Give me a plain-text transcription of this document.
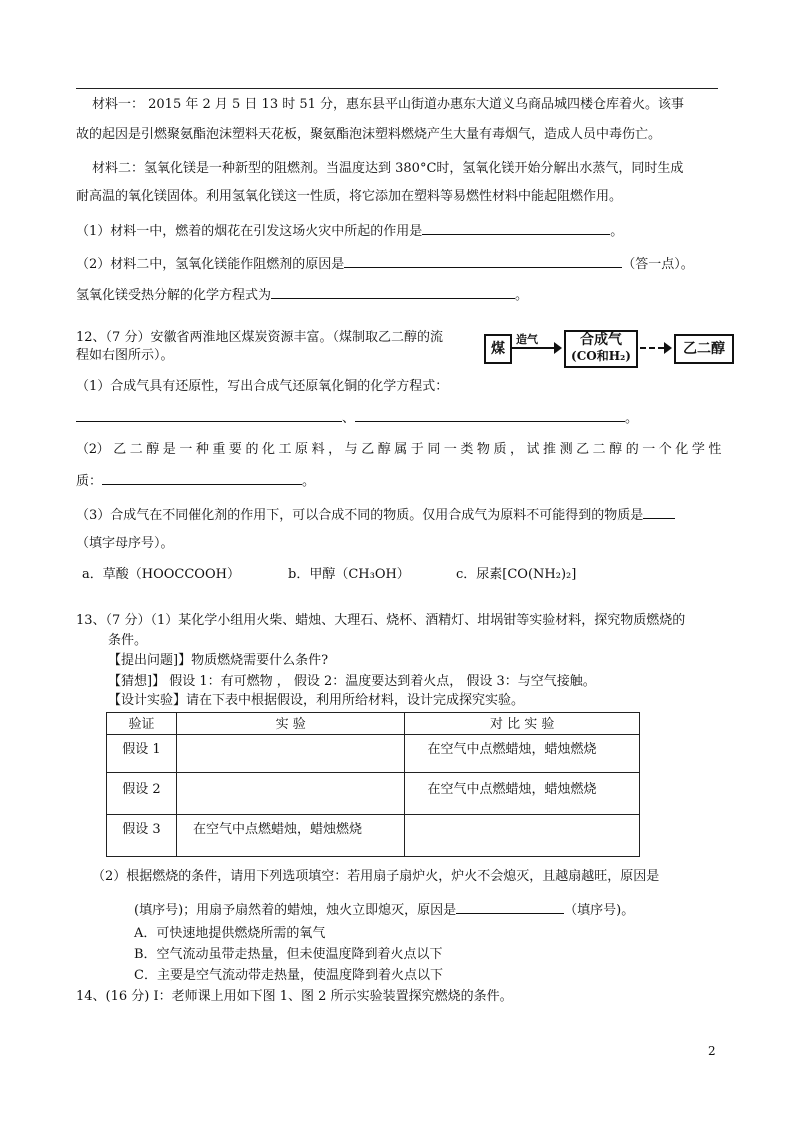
材料一： 2015 年 2 月 5 日 13 时 51 分，惠东县平山街道办惠东大道义乌商品城四楼仓库着火。该事
故的起因是引燃聚氨酯泡沫塑料天花板，聚氨酯泡沫塑料燃烧产生大量有毒烟气，造成人员中毒伤亡。
材料二：氢氧化镁是一种新型的阻燃剂。当温度达到 380°C时，氢氧化镁开始分解出水蒸气，同时生成
耐高温的氧化镁固体。利用氢氧化镁这一性质，将它添加在塑料等易燃性材料中能起阻燃作用。
（1）材料一中，燃着的烟花在引发这场火灾中所起的作用是	。
（2）材料二中，氢氧化镁能作阻燃剂的原因是	（答一点）。
氢氧化镁受热分解的化学方程式为	。
12、（7 分）安徽省两淮地区煤炭资源丰富。（煤制取乙二醇的流
程如右图所示）。	煤
造气	合成气
(CO和H₂)	乙二醇
（1）合成气具有还原性，写出合成气还原氧化铜的化学方程式：
、	。
（2） 乙 二 醇 是 一 种 重 要 的 化 工 原 料 ， 与 乙 醇 属 于 同 一 类 物 质 ， 试 推 测 乙 二 醇 的 一 个 化 学 性
质：	。
（3）合成气在不同催化剂的作用下，可以合成不同的物质。仅用合成气为原料不可能得到的物质是
（填字母序号）。
a．草酸（HOOCCOOH）	b．甲醇（CH₃OH）	c．尿素[CO(NH₂)₂]
13、（7 分）（1）某化学小组用火柴、蜡烛、大理石、烧杯、酒精灯、坩埚钳等实验材料，探究物质燃烧的
条件。
【提出问题]】物质燃烧需要什么条件?
【猜想]】 假设 1：有可燃物 ， 假设 2：温度要达到着火点， 假设 3：与空气接触。
【设计实验】请在下表中根据假设，利用所给材料，设计完成探究实验。
验证	实 验	对 比 实 验
假设 1		在空气中点燃蜡烛，蜡烛燃烧
假设 2		在空气中点燃蜡烛，蜡烛燃烧
假设 3	在空气中点燃蜡烛，蜡烛燃烧	
（2）根据燃烧的条件，请用下列选项填空：若用扇子扇炉火，炉火不会熄灭，且越扇越旺，原因是
(填序号)；用扇予扇然着的蜡烛，烛火立即熄灭，原因是	（填序号)。
A．可快速地提供燃烧所需的氧气
B．空气流动虽带走热量，但未使温度降到着火点以下
C．主要是空气流动带走热量，使温度降到着火点以下
14、(16 分) Ⅰ：老师课上用如下图 1、图 2 所示实验装置探究燃烧的条件。
2
